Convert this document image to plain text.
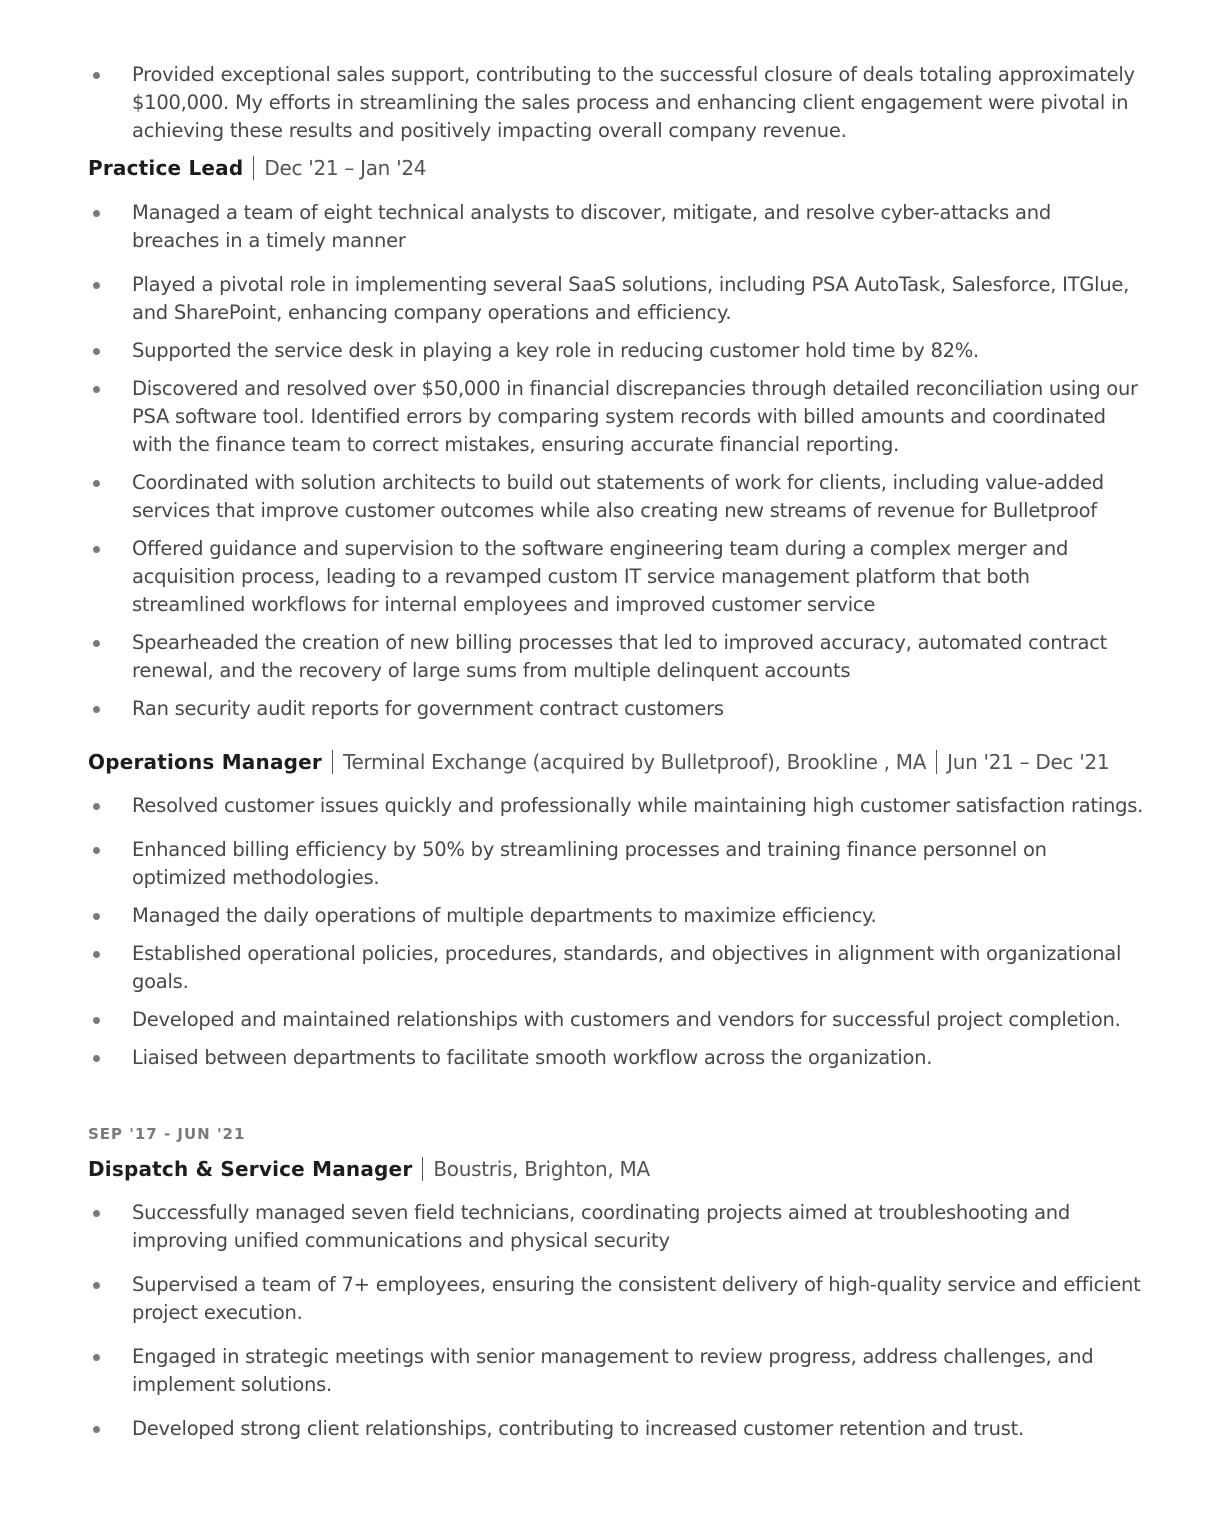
Provided exceptional sales support, contributing to the successful closure of deals totaling approximately $100,000. My efforts in streamlining the sales process and enhancing client engagement were pivotal in achieving these results and positively impacting overall company revenue.
Practice Lead Dec '21 – Jan '24
Managed a team of eight technical analysts to discover, mitigate, and resolve cyber-attacks and breaches in a timely manner
Played a pivotal role in implementing several SaaS solutions, including PSA AutoTask, Salesforce, ITGlue, and SharePoint, enhancing company operations and efficiency.
Supported the service desk in playing a key role in reducing customer hold time by 82%.
Discovered and resolved over $50,000 in financial discrepancies through detailed reconciliation using our PSA software tool. Identified errors by comparing system records with billed amounts and coordinated with the finance team to correct mistakes, ensuring accurate financial reporting.
Coordinated with solution architects to build out statements of work for clients, including value-added services that improve customer outcomes while also creating new streams of revenue for Bulletproof
Offered guidance and supervision to the software engineering team during a complex merger and acquisition process, leading to a revamped custom IT service management platform that both streamlined workflows for internal employees and improved customer service
Spearheaded the creation of new billing processes that led to improved accuracy, automated contract renewal, and the recovery of large sums from multiple delinquent accounts
Ran security audit reports for government contract customers
Operations Manager Terminal Exchange (acquired by Bulletproof), Brookline , MA Jun '21 – Dec '21
Resolved customer issues quickly and professionally while maintaining high customer satisfaction ratings.
Enhanced billing efficiency by 50% by streamlining processes and training finance personnel on optimized methodologies.
Managed the daily operations of multiple departments to maximize efficiency.
Established operational policies, procedures, standards, and objectives in alignment with organizational goals.
Developed and maintained relationships with customers and vendors for successful project completion.
Liaised between departments to facilitate smooth workflow across the organization.
SEP '17 - JUN '21
Dispatch & Service Manager Boustris, Brighton, MA
Successfully managed seven field technicians, coordinating projects aimed at troubleshooting and improving unified communications and physical security
Supervised a team of 7+ employees, ensuring the consistent delivery of high-quality service and efficient project execution.
Engaged in strategic meetings with senior management to review progress, address challenges, and implement solutions.
Developed strong client relationships, contributing to increased customer retention and trust.
